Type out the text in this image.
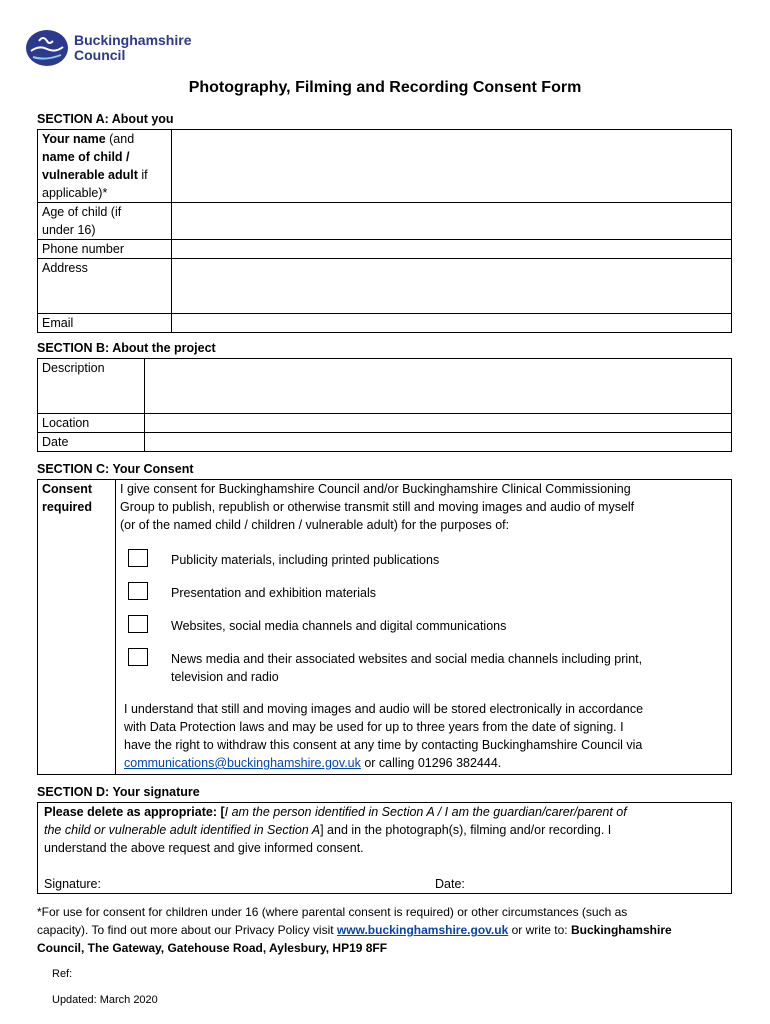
Buckinghamshire
Council
Photography, Filming and Recording Consent Form
SECTION A: About you
Your name (and
name of child /
vulnerable adult if
applicable)*	
Age of child (if
under 16)	
Phone number	
Address	
Email	
SECTION B: About the project
Description	
Location	
Date	
SECTION C: Your Consent
Consent
required	
I give consent for Buckinghamshire Council and/or Buckinghamshire Clinical Commissioning
Group to publish, republish or otherwise transmit still and moving images and audio of myself
(or of the named child / children / vulnerable adult) for the purposes of:
Publicity materials, including printed publications
Presentation and exhibition materials
Websites, social media channels and digital communications
News media and their associated websites and social media channels including print,
television and radio
I understand that still and moving images and audio will be stored electronically in accordance
with Data Protection laws and may be used for up to three years from the date of signing. I
have the right to withdraw this consent at any time by contacting Buckinghamshire Council via
communications@buckinghamshire.gov.uk or calling 01296 382444.
SECTION D: Your signature
Please delete as appropriate: [I am the person identified in Section A / I am the guardian/carer/parent of
the child or vulnerable adult identified in Section A] and in the photograph(s), filming and/or recording. I
understand the above request and give informed consent.

Signature:	Date:
*For use for consent for children under 16 (where parental consent is required) or other circumstances (such as
capacity). To find out more about our Privacy Policy visit www.buckinghamshire.gov.uk or write to: Buckinghamshire
Council, The Gateway, Gatehouse Road, Aylesbury, HP19 8FF
Ref:
Updated: March 2020
